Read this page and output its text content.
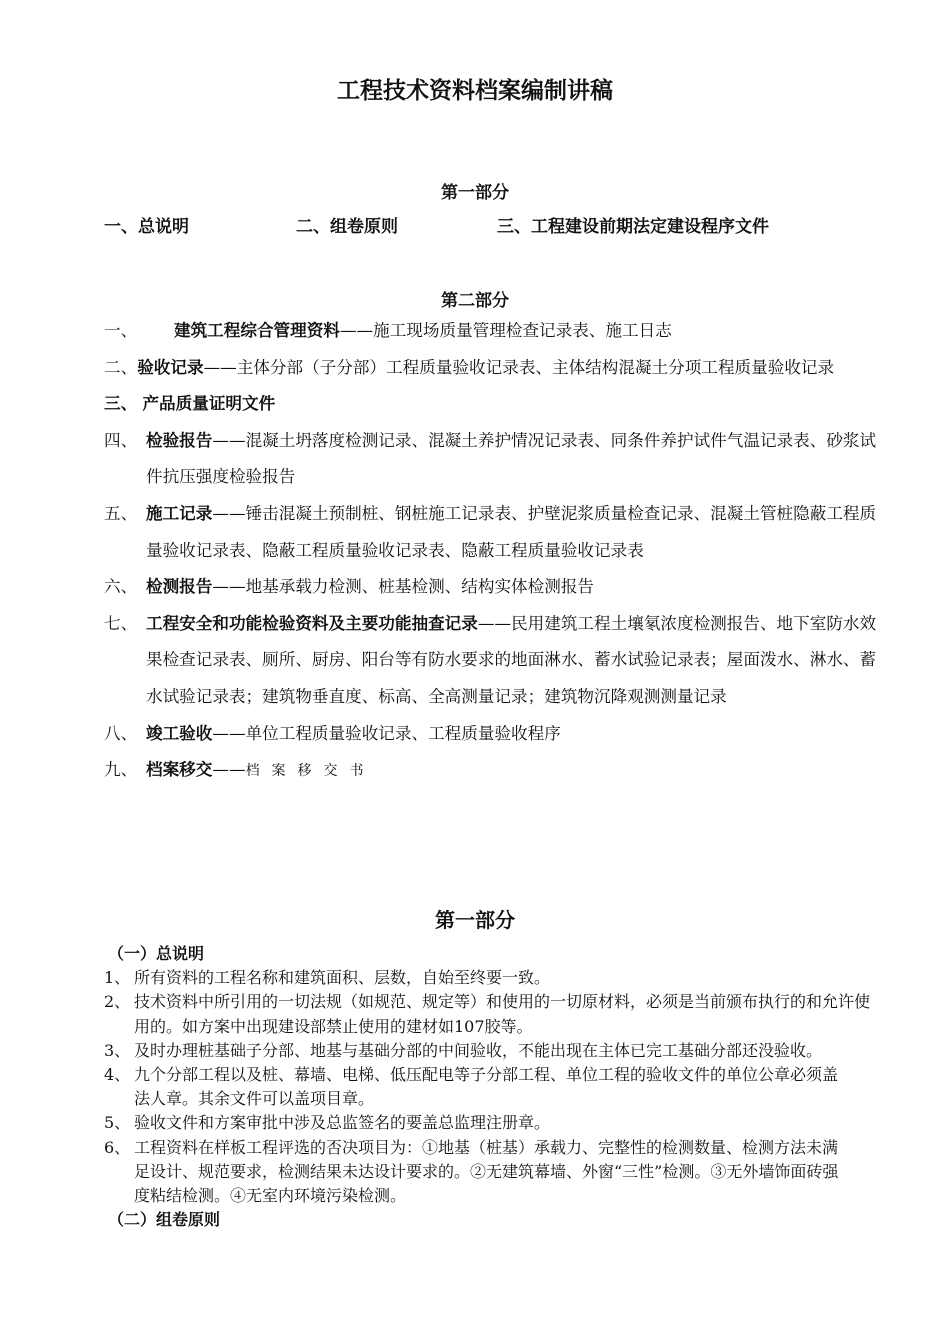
工程技术资料档案编制讲稿
第一部分
一、总说明	二、组卷原则	三、工程建设前期法定建设程序文件
第二部分
一、	建筑工程综合管理资料——施工现场质量管理检查记录表、施工日志
二、验收记录——主体分部（子分部）工程质量验收记录表、主体结构混凝土分项工程质量验收记录
三、 产品质量证明文件
四、 检验报告——混凝土坍落度检测记录、混凝土养护情况记录表、同条件养护试件气温记录表、砂浆试件抗压强度检验报告
五、 施工记录——锤击混凝土预制桩、钢桩施工记录表、护壁泥浆质量检查记录、混凝土管桩隐蔽工程质量验收记录表、隐蔽工程质量验收记录表、隐蔽工程质量验收记录表
六、 检测报告——地基承载力检测、桩基检测、结构实体检测报告
七、 工程安全和功能检验资料及主要功能抽查记录——民用建筑工程土壤氡浓度检测报告、地下室防水效果检查记录表、厕所、厨房、阳台等有防水要求的地面淋水、蓄水试验记录表；屋面泼水、淋水、蓄水试验记录表；建筑物垂直度、标高、全高测量记录；建筑物沉降观测测量记录
八、 竣工验收——单位工程质量验收记录、工程质量验收程序
九、 档案移交——档案移交书
第一部分
（一）总说明
1、 所有资料的工程名称和建筑面积、层数，自始至终要一致。
2、 技术资料中所引用的一切法规（如规范、规定等）和使用的一切原材料，必须是当前颁布执行的和允许使用的。如方案中出现建设部禁止使用的建材如107胶等。
3、 及时办理桩基础子分部、地基与基础分部的中间验收，不能出现在主体已完工基础分部还没验收。
4、 九个分部工程以及桩、幕墙、电梯、低压配电等子分部工程、单位工程的验收文件的单位公章必须盖法人章。其余文件可以盖项目章。
5、 验收文件和方案审批中涉及总监签名的要盖总监理注册章。
6、 工程资料在样板工程评选的否决项目为：①地基（桩基）承载力、完整性的检测数量、检测方法未满足设计、规范要求，检测结果未达设计要求的。②无建筑幕墙、外窗“三性”检测。③无外墙饰面砖强度粘结检测。④无室内环境污染检测。
（二）组卷原则
